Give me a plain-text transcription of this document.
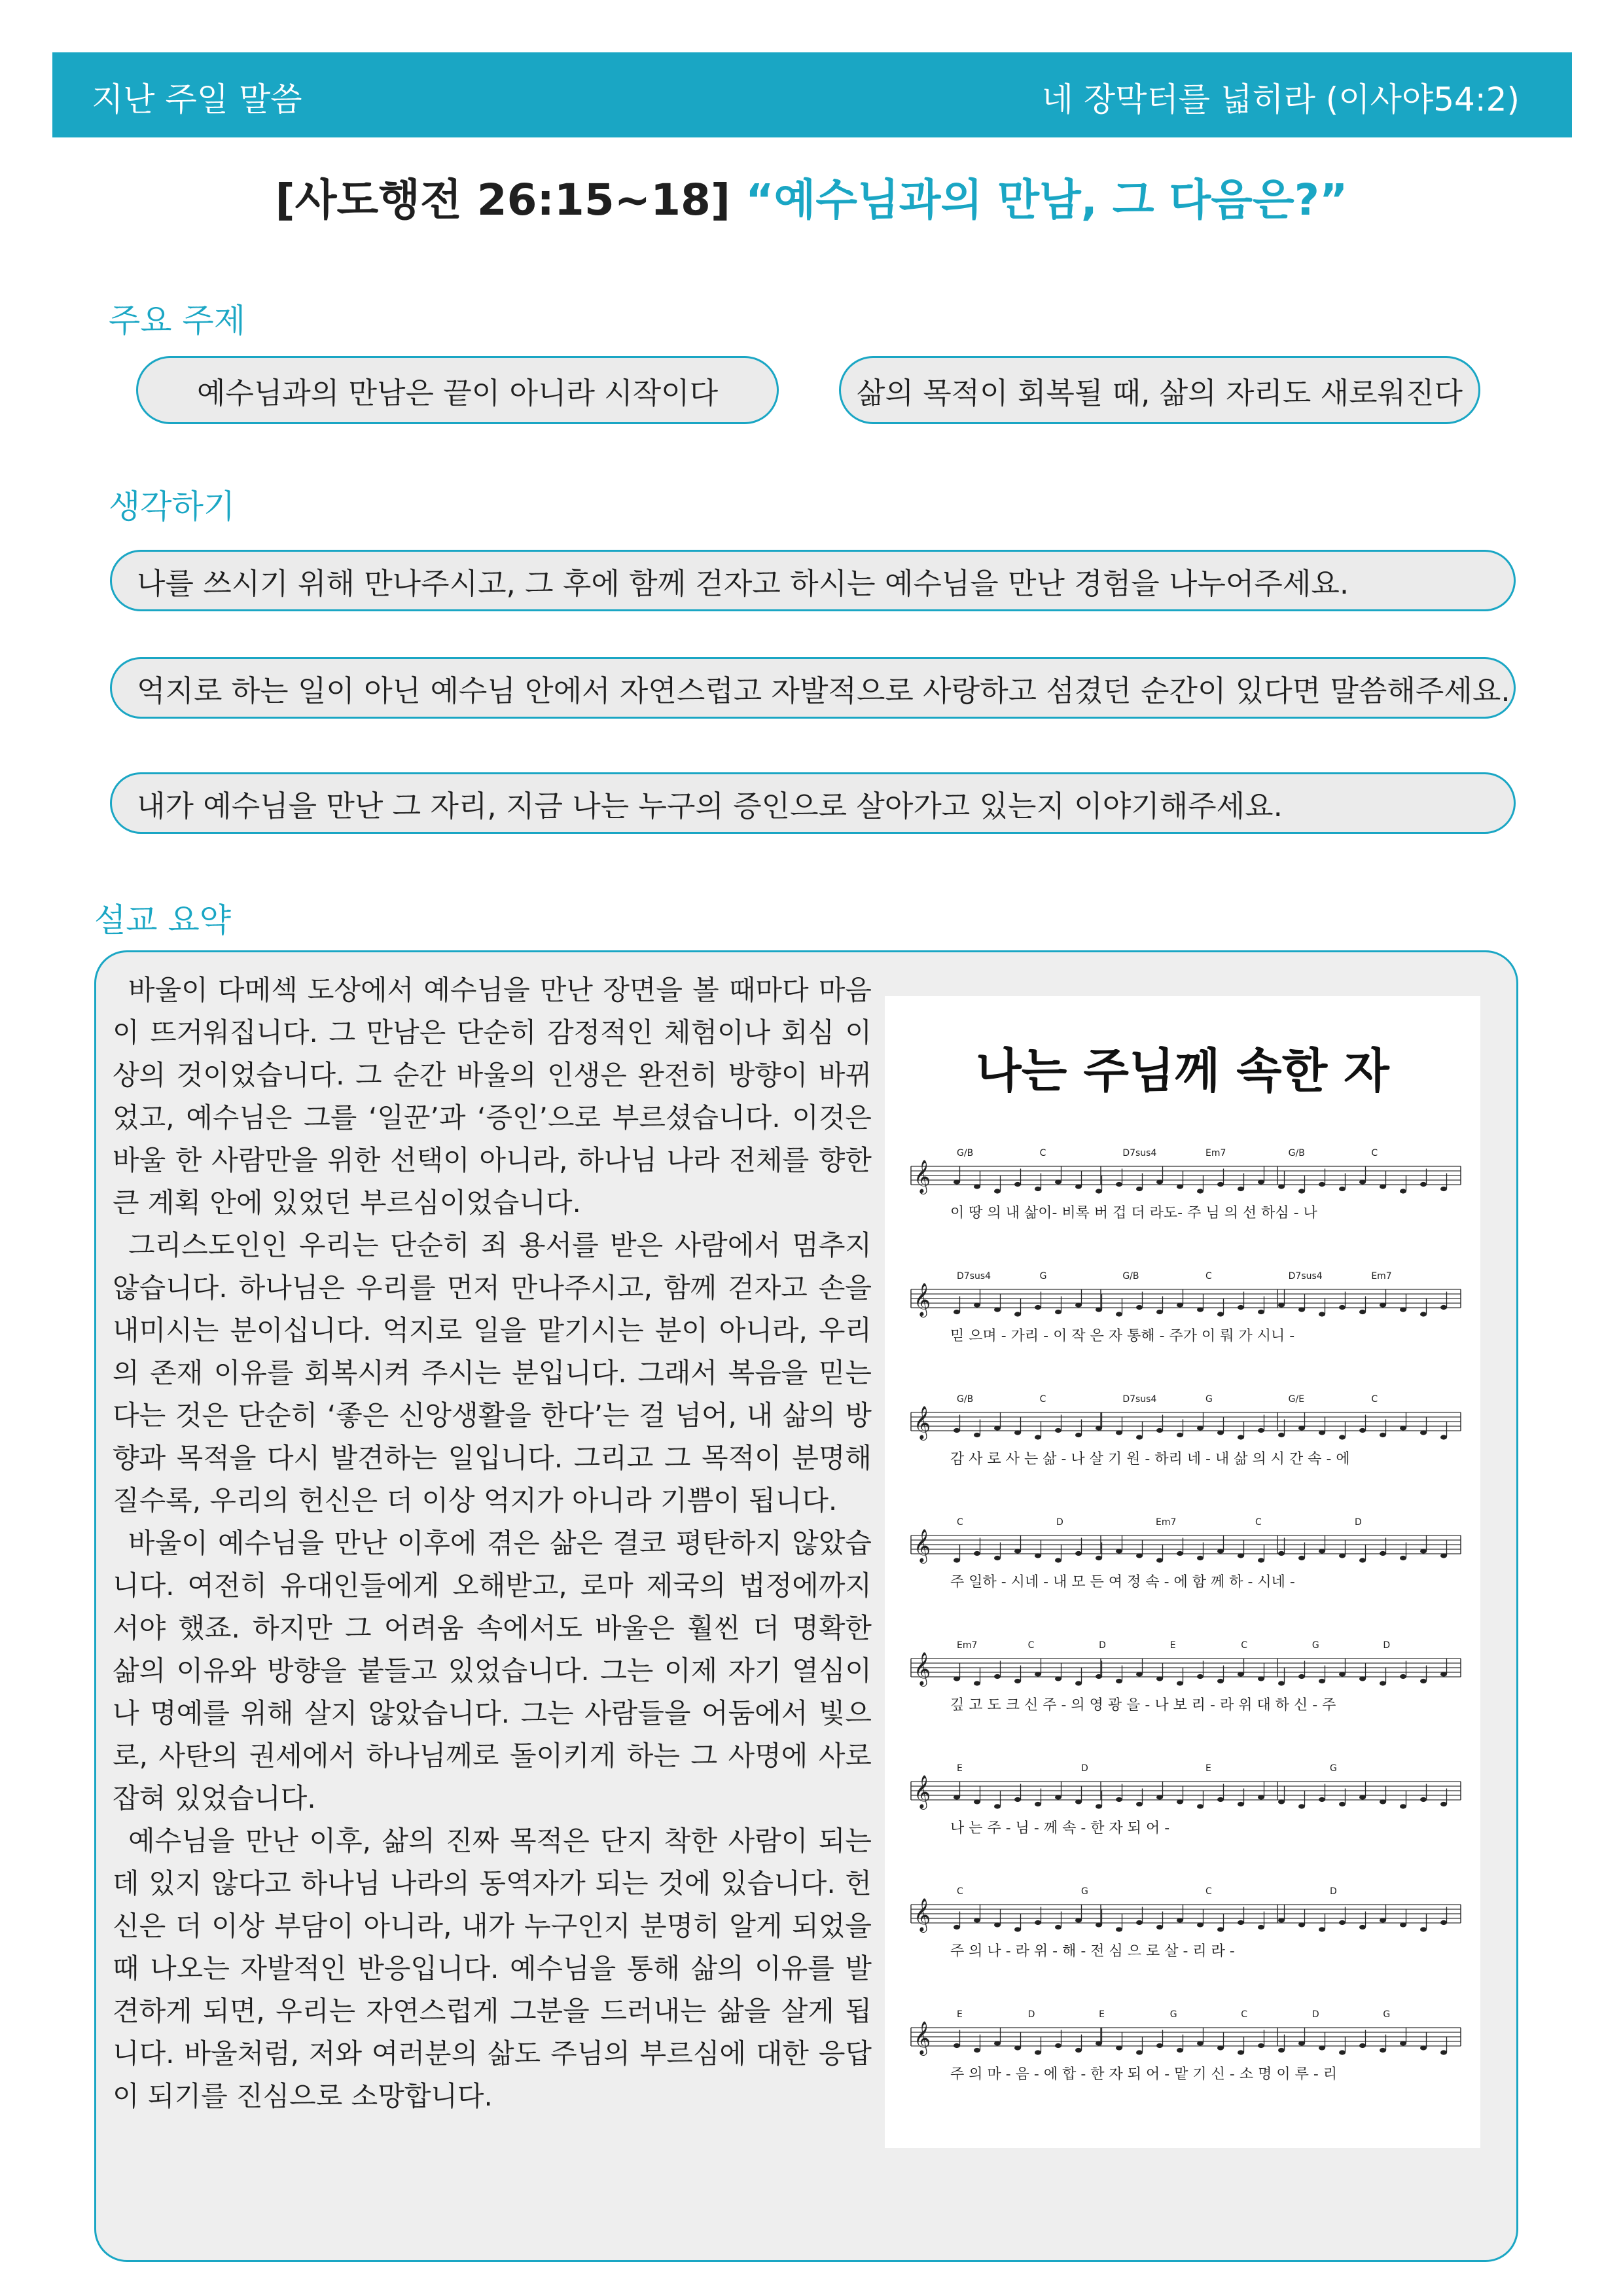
지난 주일 말씀	네 장막터를 넓히라 (이사야54:2)
[사도행전 26:15~18] “예수님과의 만남, 그 다음은?”
주요 주제
예수님과의 만남은 끝이 아니라 시작이다	삶의 목적이 회복될 때, 삶의 자리도 새로워진다
생각하기
나를 쓰시기 위해 만나주시고, 그 후에 함께 걷자고 하시는 예수님을 만난 경험을 나누어주세요.
억지로 하는 일이 아닌 예수님 안에서 자연스럽고 자발적으로 사랑하고 섬겼던 순간이 있다면 말씀해주세요.
내가 예수님을 만난 그 자리, 지금 나는 누구의 증인으로 살아가고 있는지 이야기해주세요.
설교 요약

바울이 다메섹 도상에서 예수님을 만난 장면을 볼 때마다 마음이 뜨거워집니다. 그 만남은 단순히 감정적인 체험이나 회심 이상의 것이었습니다. 그 순간 바울의 인생은 완전히 방향이 바뀌었고, 예수님은 그를 ‘일꾼’과 ‘증인’으로 부르셨습니다. 이것은 바울 한 사람만을 위한 선택이 아니라, 하나님 나라 전체를 향한 큰 계획 안에 있었던 부르심이었습니다.

그리스도인인 우리는 단순히 죄 용서를 받은 사람에서 멈추지 않습니다. 하나님은 우리를 먼저 만나주시고, 함께 걷자고 손을 내미시는 분이십니다. 억지로 일을 맡기시는 분이 아니라, 우리의 존재 이유를 회복시켜 주시는 분입니다. 그래서 복음을 믿는다는 것은 단순히 ‘좋은 신앙생활을 한다’는 걸 넘어, 내 삶의 방향과 목적을 다시 발견하는 일입니다. 그리고 그 목적이 분명해질수록, 우리의 헌신은 더 이상 억지가 아니라 기쁨이 됩니다.

바울이 예수님을 만난 이후에 겪은 삶은 결코 평탄하지 않았습니다. 여전히 유대인들에게 오해받고, 로마 제국의 법정에까지 서야 했죠. 하지만 그 어려움 속에서도 바울은 훨씬 더 명확한 삶의 이유와 방향을 붙들고 있었습니다. 그는 이제 자기 열심이나 명예를 위해 살지 않았습니다. 그는 사람들을 어둠에서 빛으로, 사탄의 권세에서 하나님께로 돌이키게 하는 그 사명에 사로잡혀 있었습니다.

예수님을 만난 이후, 삶의 진짜 목적은 단지 착한 사람이 되는 데 있지 않다고 하나님 나라의 동역자가 되는 것에 있습니다. 헌신은 더 이상 부담이 아니라, 내가 누구인지 분명히 알게 되었을 때 나오는 자발적인 반응입니다. 예수님을 통해 삶의 이유를 발견하게 되면, 우리는 자연스럽게 그분을 드러내는 삶을 살게 됩니다. 바울처럼, 저와 여러분의 삶도 주님의 부르심에 대한 응답이 되기를 진심으로 소망합니다.

나는 주님께 속한 자
G/B	C	D7sus4	Em7	G/B	C
𝄞
이 땅 의 내 삶이- 비록 버 겁 더 라도- 주 님 의 선 하심 - 나
D7sus4	G	G/B	C	D7sus4	Em7
𝄞
믿 으며 - 가리 - 이 작 은 자 통해 - 주가 이 뤄 가 시니 -
G/B	C	D7sus4	G	G/E	C
𝄞
감 사 로 사 는 삶 - 나 살 기 원 - 하리 네 - 내 삶 의 시 간 속 - 에
C	D	Em7	C	D
𝄞
주 일하 - 시네 - 내 모 든 여 정 속 - 에 함 께 하 - 시네 -
Em7	C	D	E	C	G	D
𝄞
깊 고 도 크 신 주 - 의 영 광 을 - 나 보 리 - 라 위 대 하 신 - 주
E	D	E	G
𝄞
나 는 주 - 님 - 께 속 - 한 자 되 어 -
C	G	C	D
𝄞
주 의 나 - 라 위 - 해 - 전 심 으 로 살 - 리 라 -
E	D	E	G	C	D	G
𝄞
주 의 마 - 음 - 에 합 - 한 자 되 어 - 맡 기 신 - 소 명 이 루 - 리
